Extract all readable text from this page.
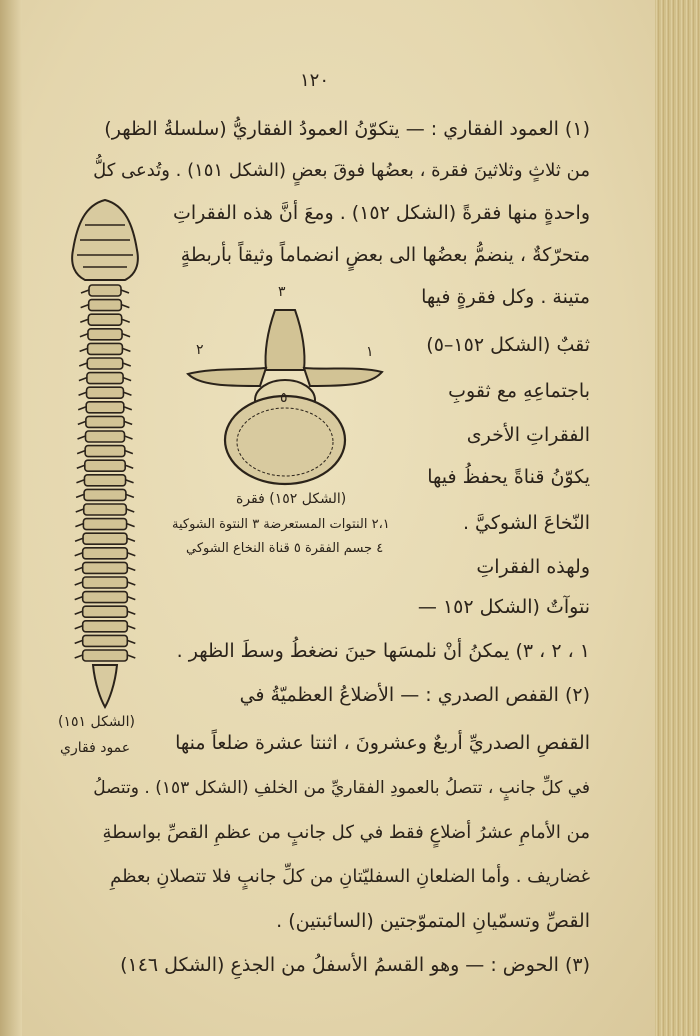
١٢٠
(١) العمود الفقاري : — يتكوّنُ العمودُ الفقاريُّ (سلسلةُ الظهر)
من ثلاثٍ وثلاثينَ فقرة ، بعضُها فوقَ بعضٍ (الشكل ١٥١) . وتُدعى كلُّ
واحدةٍ منها فقرةً (الشكل ١٥٢) . ومعَ أنَّ هذه الفقراتِ
متحرّكةٌ ، ينضمُّ بعضُها الى بعضٍ انضماماً وثيقاً بأربطةٍ
متينة . وكل فقرةٍ فيها
ثقبٌ (الشكل ١٥٢–٥)
باجتماعِهِ مع ثقوبِ
الفقراتِ الأخرى
يكوّنُ قناةً يحفظُ فيها
النّخاعَ الشوكيَّ .
ولهذه الفقراتِ
نتوآتٌ (الشكل ١٥٢ —
١ ، ٢ ، ٣) يمكنُ أنْ نلمسَها حينَ نضغطُ وسطَ الظهر .
(٢) القفص الصدري : — الأضلاعُ العظميّةُ في
القفصِ الصدريِّ أربعٌ وعشرونَ ، اثنتا عشرة ضلعاً منها
في كلِّ جانبٍ ، تتصلُ بالعمودِ الفقاريِّ من الخلفِ (الشكل ١٥٣) . وتتصلُ
من الأمامِ عشرُ أضلاعٍ فقط في كل جانبٍ من عظمِ القصِّ بواسطةِ
غضاريف . وأما الضلعانِ السفليّتانِ من كلِّ جانبٍ فلا تتصلانِ بعظمِ
القصِّ وتسمّيانِ المتموّجتين (السائبتين) .
(٣) الحوض : — وهو القسمُ الأسفلُ من الجذعِ (الشكل ١٤٦)
(الشكل ١٥١)
عمود فقاري
٣
٢	١
٥
(الشكل ١٥٢) فقرة
٢،١ النتوات المستعرضة ٣ النتوة الشوكية
٤ جسم الفقرة ٥ قناة النخاع الشوكي
